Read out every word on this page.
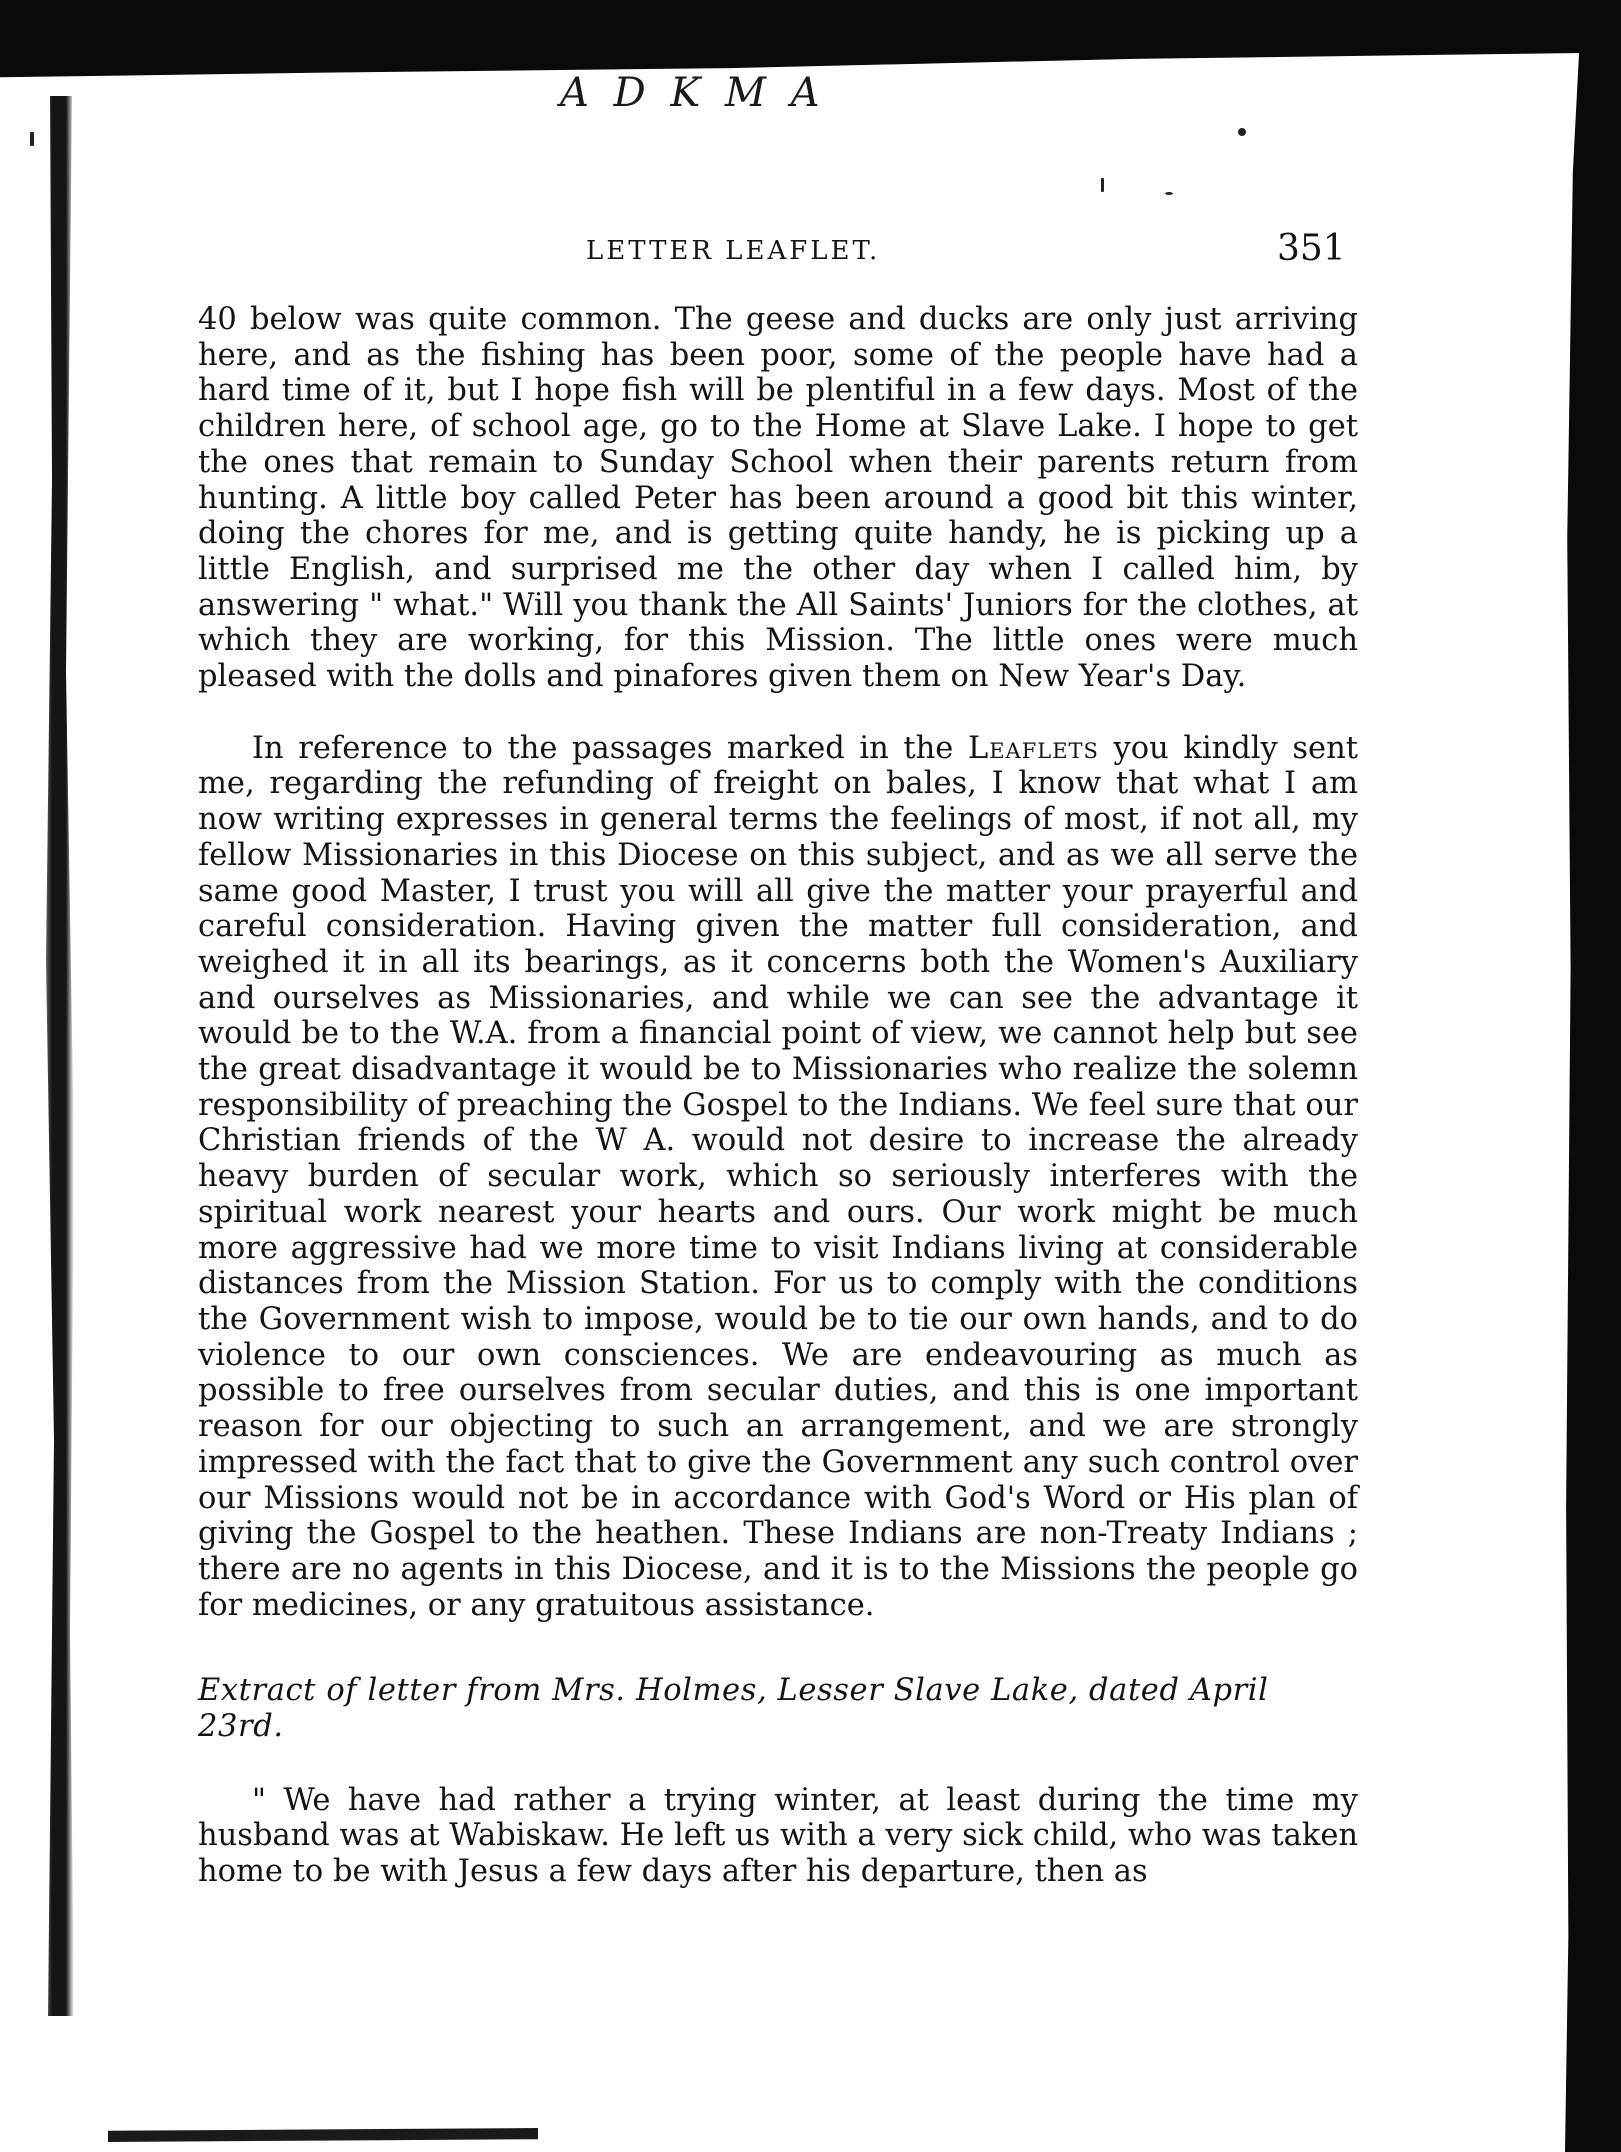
A D K M A
LETTER LEAFLET.	351

40 below was quite common. The geese and ducks are only just arriving here, and as the fishing has been poor, some of the people have had a hard time of it, but I hope fish will be plentiful in a few days. Most of the children here, of school age, go to the Home at Slave Lake. I hope to get the ones that remain to Sunday School when their parents return from hunting. A little boy called Peter has been around a good bit this winter, doing the chores for me, and is getting quite handy, he is picking up a little English, and surprised me the other day when I called him, by answering " what." Will you thank the All Saints' Juniors for the clothes, at which they are working, for this Mission. The little ones were much pleased with the dolls and pinafores given them on New Year's Day.

In reference to the passages marked in the Leaflets you kindly sent me, regarding the refunding of freight on bales, I know that what I am now writing expresses in general terms the feelings of most, if not all, my fellow Missionaries in this Diocese on this subject, and as we all serve the same good Master, I trust you will all give the matter your prayerful and careful consideration. Having given the matter full consideration, and weighed it in all its bearings, as it concerns both the Women's Auxiliary and ourselves as Missionaries, and while we can see the advantage it would be to the W.A. from a financial point of view, we cannot help but see the great disadvantage it would be to Missionaries who realize the solemn responsibility of preaching the Gospel to the Indians. We feel sure that our Christian friends of the W A. would not desire to increase the already heavy burden of secular work, which so seriously interferes with the spiritual work nearest your hearts and ours. Our work might be much more aggressive had we more time to visit Indians living at considerable distances from the Mission Station. For us to comply with the conditions the Government wish to impose, would be to tie our own hands, and to do violence to our own consciences. We are endeavouring as much as possible to free ourselves from secular duties, and this is one important reason for our objecting to such an arrangement, and we are strongly impressed with the fact that to give the Government any such control over our Missions would not be in accordance with God's Word or His plan of giving the Gospel to the heathen. These Indians are non-Treaty Indians ; there are no agents in this Diocese, and it is to the Missions the people go for medicines, or any gratuitous assistance.

Extract of letter from Mrs. Holmes, Lesser Slave Lake, dated April 23rd.

" We have had rather a trying winter, at least during the time my husband was at Wabiskaw. He left us with a very sick child, who was taken home to be with Jesus a few days after his departure, then as
